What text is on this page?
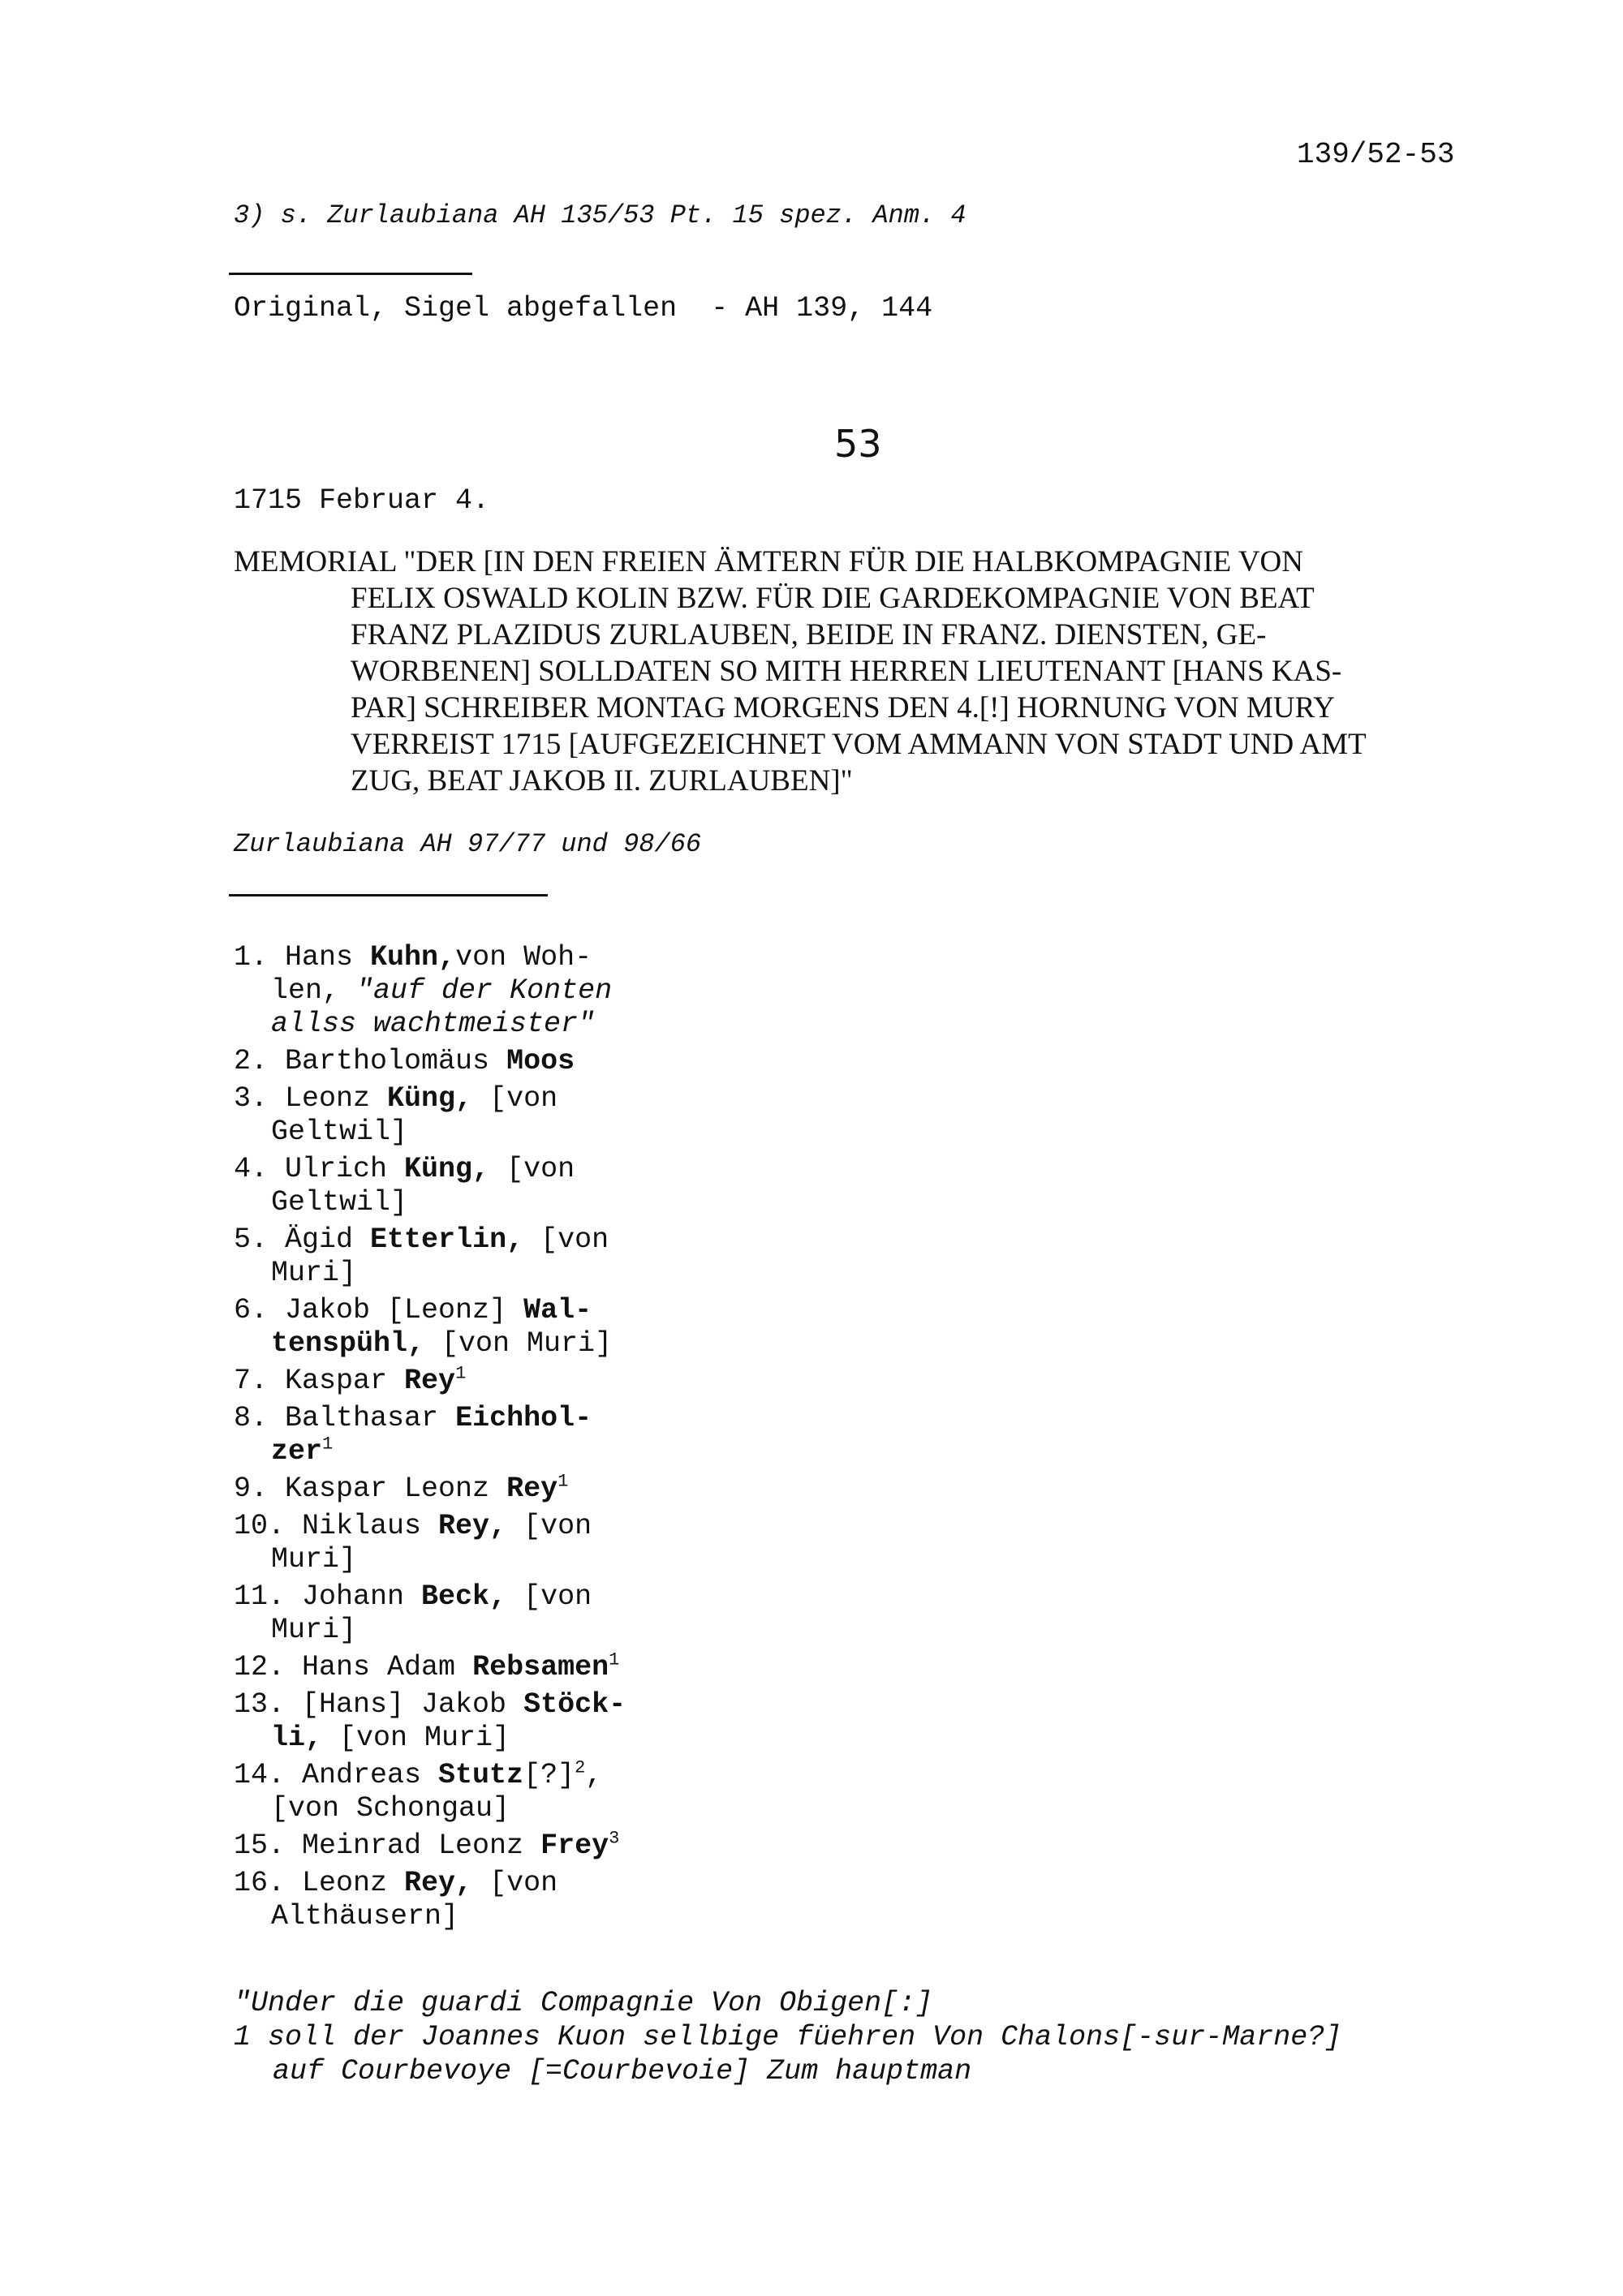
139/52-53
3) s. Zurlaubiana AH 135/53 Pt. 15 spez. Anm. 4
Original, Sigel abgefallen  - AH 139, 144
53
1715 Februar 4.
MEMORIAL "DER [IN DEN FREIEN ÄMTERN FÜR DIE HALBKOMPAGNIE VON
FELIX OSWALD KOLIN BZW. FÜR DIE GARDEKOMPAGNIE VON BEAT
FRANZ PLAZIDUS ZURLAUBEN, BEIDE IN FRANZ. DIENSTEN, GE-
WORBENEN] SOLLDATEN SO MITH HERREN LIEUTENANT [HANS KAS-
PAR] SCHREIBER MONTAG MORGENS DEN 4.[!] HORNUNG VON MURY
VERREIST 1715 [AUFGEZEICHNET VOM AMMANN VON STADT UND AMT
ZUG, BEAT JAKOB II. ZURLAUBEN]"
Zurlaubiana AH 97/77 und 98/66
1. Hans Kuhn,von Woh-
len, "auf der Konten
allss wachtmeister"
2. Bartholomäus Moos
3. Leonz Küng, [von
Geltwil]
4. Ulrich Küng, [von
Geltwil]
5. Ägid Etterlin, [von
Muri]
6. Jakob [Leonz] Wal-
tenspühl, [von Muri]
7. Kaspar Rey$^1$
8. Balthasar Eichhol-
zer$^1$
9. Kaspar Leonz Rey$^1$
10. Niklaus Rey, [von
Muri]
11. Johann Beck, [von
Muri]
12. Hans Adam Rebsamen$^1$
13. [Hans] Jakob Stöck-
li, [von Muri]
14. Andreas Stutz[?]$^2$,
[von Schongau]
15. Meinrad Leonz Frey$^3$
16. Leonz Rey, [von
Althäusern]
"Under die guardi Compagnie Von Obigen[:]
1 soll der Joannes Kuon sellbige füehren Von Chalons[-sur-Marne?]
auf Courbevoye [=Courbevoie] Zum hauptman
